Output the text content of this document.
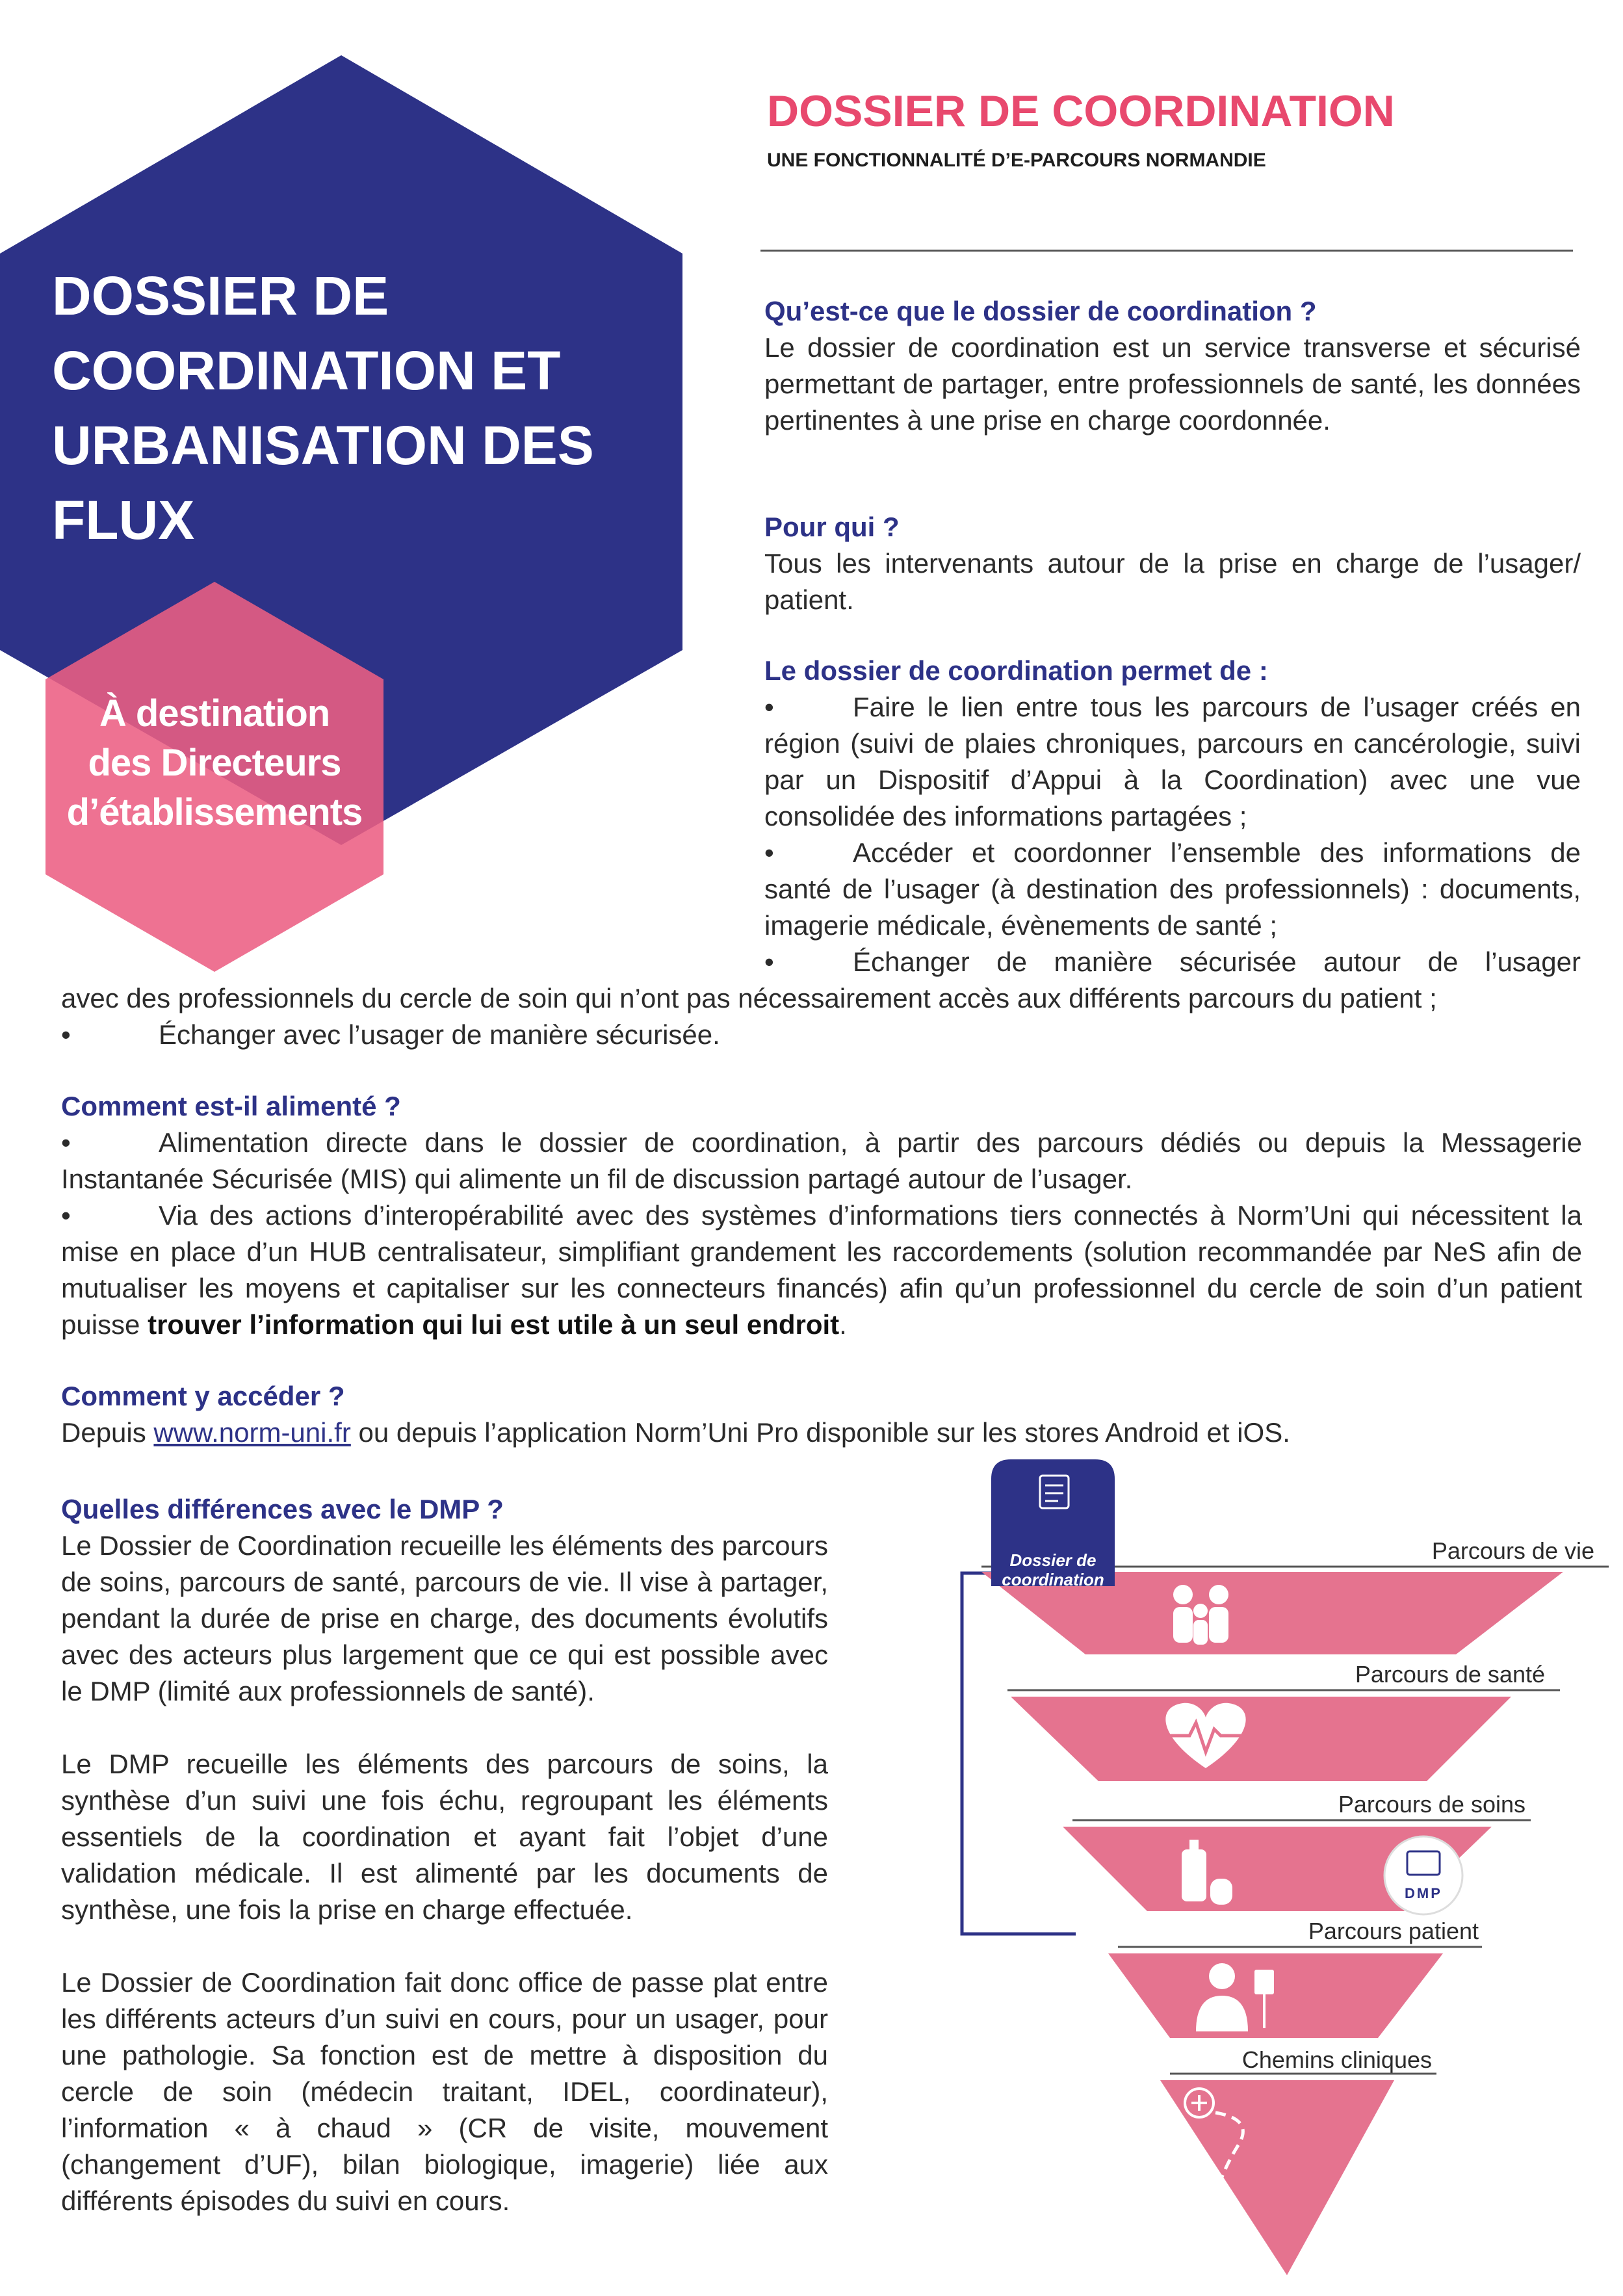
DOSSIER DE
COORDINATION ET
URBANISATION DES
FLUX
À destination
des Directeurs
d’établissements
DOSSIER DE COORDINATION
UNE FONCTIONNALITÉ D’E-PARCOURS NORMANDIE

Qu’est-ce que le dossier de coordination ?

Le dossier de coordination est un service transverse et sécurisé permettant de partager, entre professionnels de santé, les données pertinentes à une prise en charge coordonnée.

Pour qui ?

Tous les intervenants autour de la prise en charge de l’usager/ patient.

Le dossier de coordination permet de :

•	Faire le lien entre tous les parcours de l’usager créés en région (suivi de plaies chroniques, parcours en cancérologie, suivi par un Dispositif d’Appui à la Coordination) avec une vue consolidée des informations partagées ;

•	Accéder et coordonner l’ensemble des informations de santé de l’usager (à destination des professionnels) : documents, imagerie médicale, évènements de santé ;

•	Échanger de manière sécurisée autour de l’usager

avec des professionnels du cercle de soin qui n’ont pas nécessairement accès aux différents parcours du patient ;

•	Échanger avec l’usager de manière sécurisée.

Comment est-il alimenté ?

•	Alimentation directe dans le dossier de coordination, à partir des parcours dédiés ou depuis la Messagerie Instantanée Sécurisée (MIS) qui alimente un fil de discussion partagé autour de l’usager.

•	Via des actions d’interopérabilité avec des systèmes d’informations tiers connectés à Norm’Uni qui nécessitent la mise en place d’un HUB centralisateur, simplifiant grandement les raccordements (solution recommandée par NeS afin de mutualiser les moyens et capitaliser sur les connecteurs financés) afin qu’un professionnel du cercle de soin d’un patient puisse trouver l’information qui lui est utile à un seul endroit.

Comment y accéder ?

Depuis www.norm-uni.fr ou depuis l’application Norm’Uni Pro disponible sur les stores Android et iOS.

Quelles différences avec le DMP ?

Le Dossier de Coordination recueille les éléments des parcours de soins, parcours de santé, parcours de vie. Il vise à partager, pendant la durée de prise en charge, des documents évolutifs avec des acteurs plus largement que ce qui est possible avec le DMP (limité aux professionnels de santé).

Le DMP recueille les éléments des parcours de soins, la synthèse d’un suivi une fois échu, regroupant les éléments essentiels de la coordination et ayant fait l’objet d’une validation médicale. Il est alimenté par les documents de synthèse, une fois la prise en charge effectuée.

Le Dossier de Coordination fait donc office de passe plat entre les différents acteurs d’un suivi en cours, pour un usager, pour une pathologie. Sa fonction est de mettre à disposition du cercle de soin (médecin traitant, IDEL, coordinateur), l’information « à chaud » (CR de visite, mouvement (changement d’UF), bilan biologique, imagerie) liée aux différents épisodes du suivi en cours.

DMP
Dossier de
coordination
Parcours de vie
Parcours de santé
Parcours de soins
Parcours patient
Chemins cliniques
